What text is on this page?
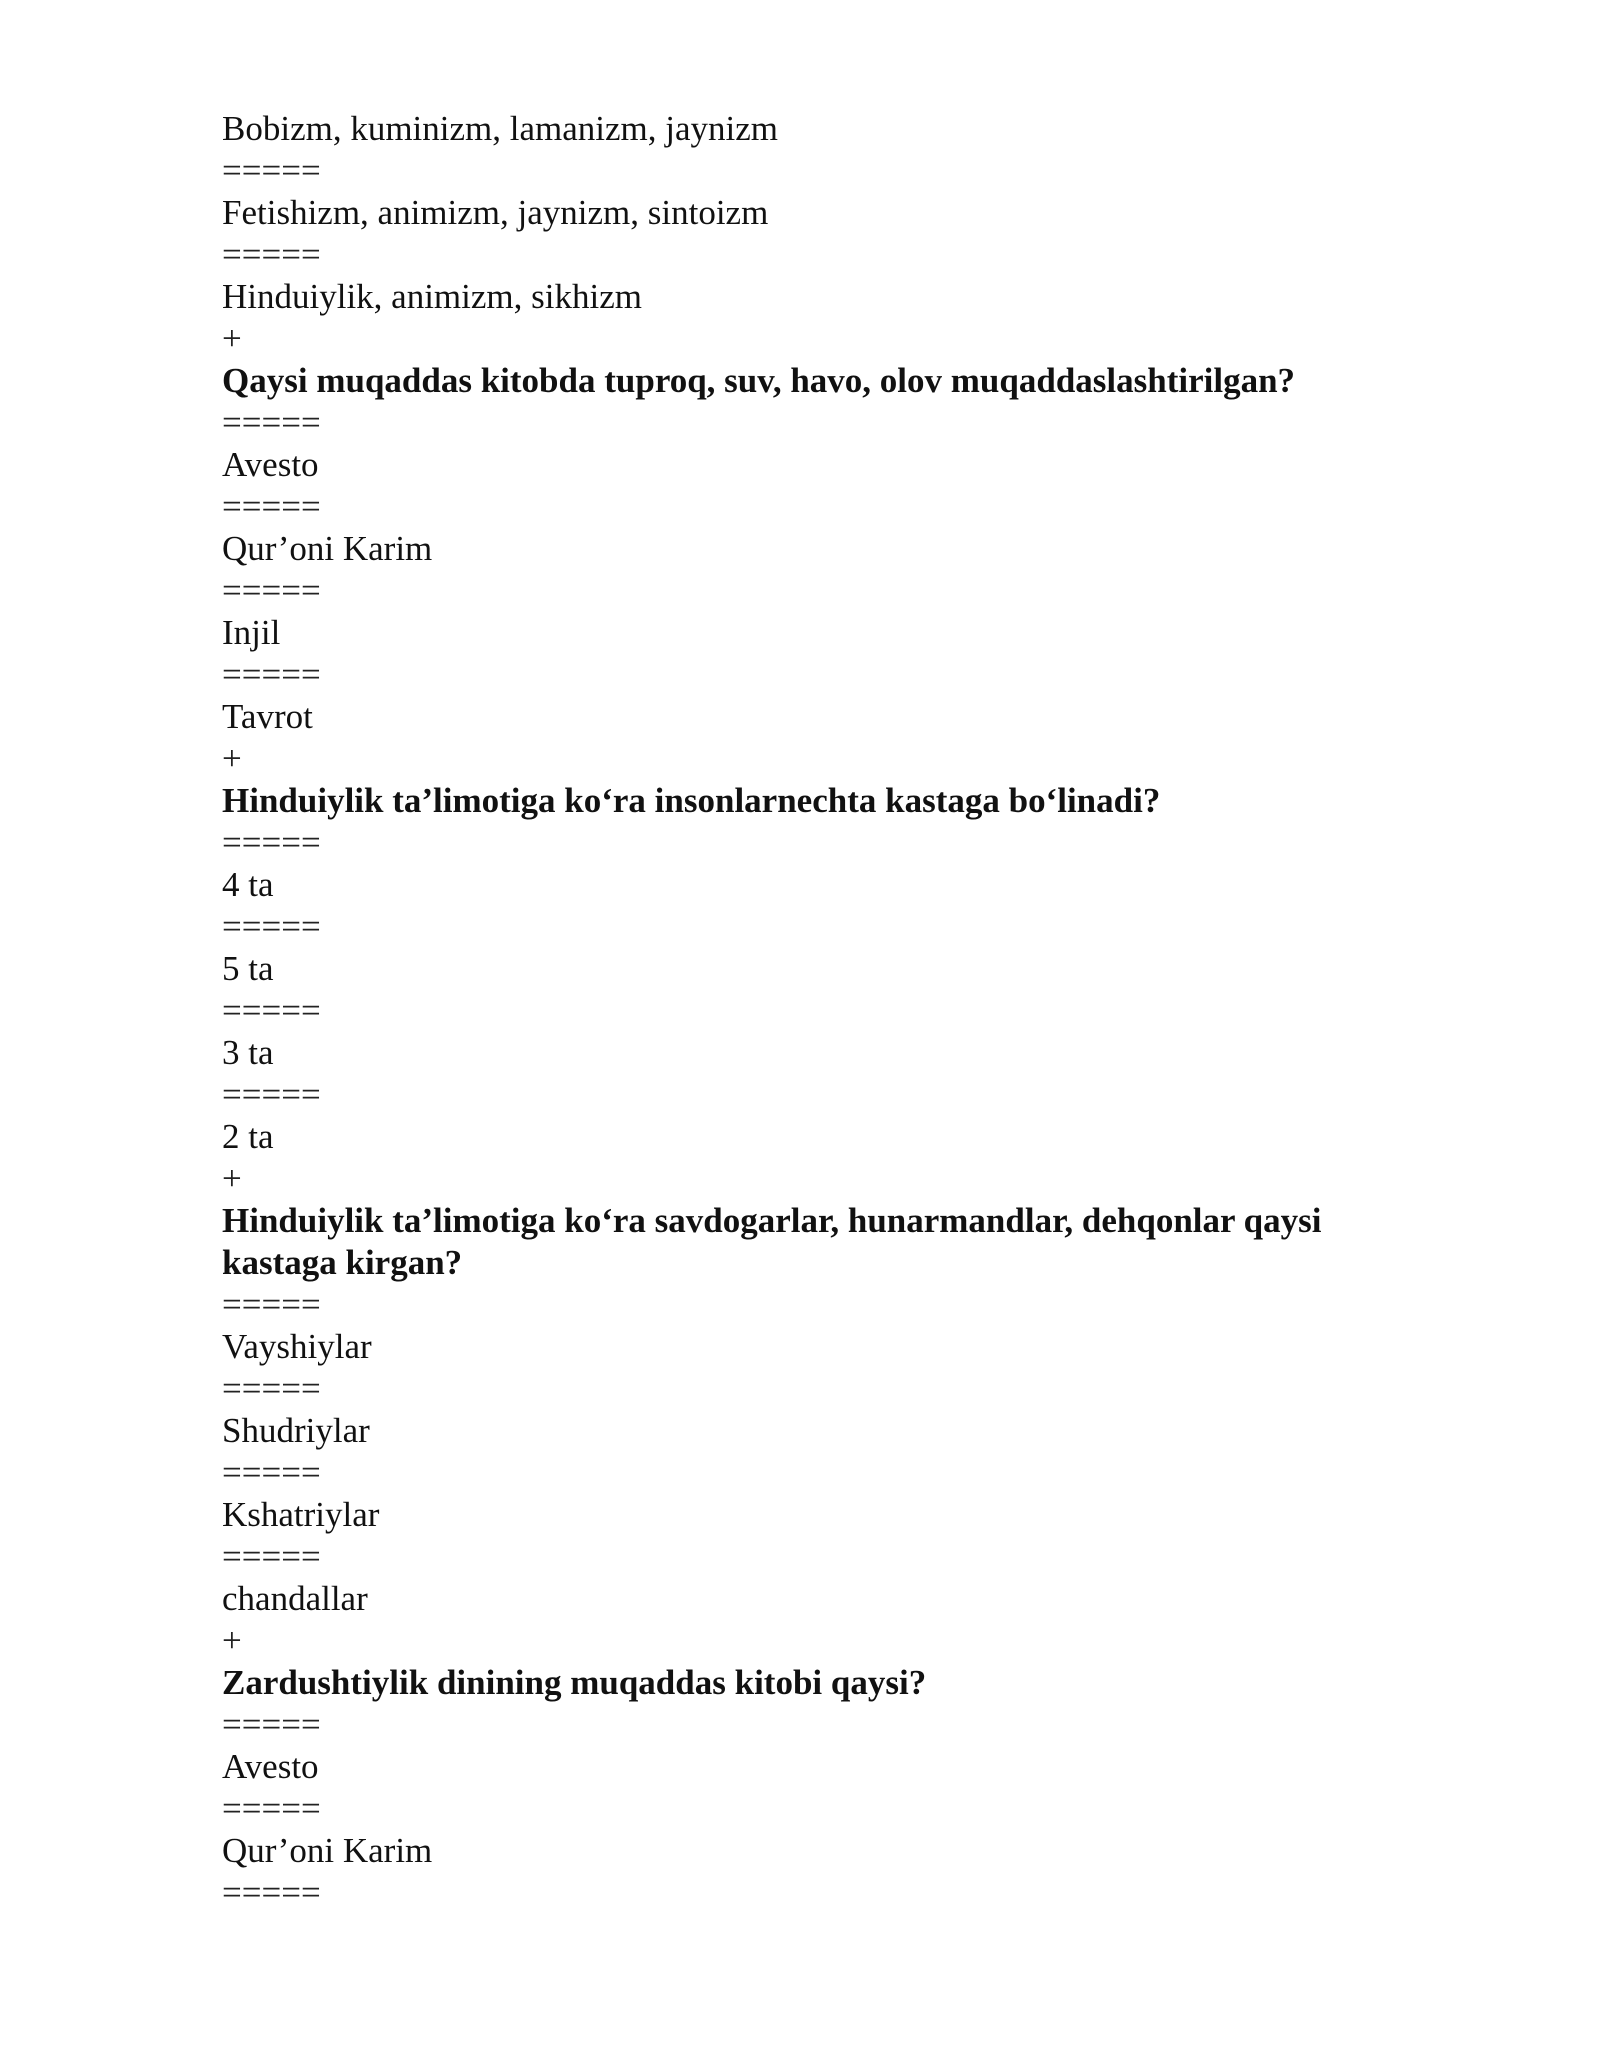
Bobizm, kuminizm, lamanizm, jaynizm
=====
Fetishizm, animizm, jaynizm, sintoizm
=====
Hinduiylik, animizm, sikhizm
+
Qaysi muqaddas kitobda tuproq, suv, havo, olov muqaddaslashtirilgan?
=====
Avesto
=====
Qur’oni Karim
=====
Injil
=====
Tavrot
+
Hinduiylik ta’limotiga ko‘ra insonlarnechta kastaga bo‘linadi?
=====
4 ta
=====
5 ta
=====
3 ta
=====
2 ta
+
Hinduiylik ta’limotiga ko‘ra savdogarlar, hunarmandlar, dehqonlar qaysi kastaga kirgan?
=====
Vayshiylar
=====
Shudriylar
=====
Kshatriylar
=====
chandallar
+
Zardushtiylik dinining muqaddas kitobi qaysi?
=====
Avesto
=====
Qur’oni Karim
=====
